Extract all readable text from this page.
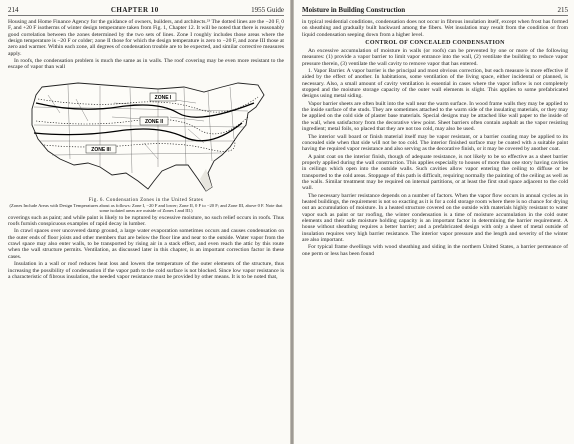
214	CHAPTER 10	1955 Guide

Housing and Home Finance Agency for the guidance of owners, builders, and architects.²³ The dotted lines are the −20 F, 0 F, and +20 F isotherms of winter design temperature taken from Fig. 1, Chapter 12. It will be noted that there is reasonably good correlation between the zones determined by the two sets of lines. Zone I roughly includes those areas where the design temperature is −20 F or colder; zone II those for which the design temperature is zero to −20 F, and zone III those at zero and warmer. Within each zone, all degrees of condensation trouble are to be expected, and similar corrective measures apply.

In roofs, the condensation problem is much the same as in walls. The roof covering may be even more resistant to the escape of vapor than wall

ZONE I
ZONE II
ZONE III
Fig. 6. Condensation Zones in the United States
(Zones Include Areas with Design Temperatures about as follows: Zone I, −20 F and lower; Zone II, 0 F to −20 F; and Zone III, above 0 F. Note that some isolated areas are outside of Zones I and III.)

coverings such as paint; and while paint is likely to be ruptured by excessive moisture, no such relief occurs in roofs. Thus roofs furnish conspicuous examples of rapid decay in lumber.

In crawl spaces over uncovered damp ground, a large water evaporation sometimes occurs and causes condensation on the outer ends of floor joists and other members that are below the floor line and near to the outside. Water vapor from the crawl space may also enter walls, to be transported by rising air in a stack effect, and even reach the attic by this route when the wall structure permits. Ventilation, as discussed later in this chapter, is an important correction factor in these cases.

Insulation in a wall or roof reduces heat loss and lowers the temperature of the outer elements of the structure, thus increasing the possibility of condensation if the vapor path to the cold surface is not blocked. Since low vapor resistance is a characteristic of fibrous insulation, the needed vapor resistance must be provided by other means. It is to be noted that,

Moisture in Building Construction	215

in typical residential conditions, condensation does not occur in fibrous insulation itself, except when frost has formed on sheathing and gradually built backward among the fibers. Wet insulation may result from the condition or from liquid condensation seeping down from a higher level.

CONTROL OF CONCEALED CONDENSATION

An excessive accumulation of moisture in walls (or roofs) can be prevented by one or more of the following measures: (1) provide a vapor barrier to limit vapor entrance into the wall, (2) ventilate the building to reduce vapor pressure therein, (3) ventilate the wall cavity to remove vapor that has entered.

1. Vapor Barrier. A vapor barrier is the principal and most obvious correction, but each measure is more effective if aided by the effect of another. In habitations, some ventilation of the living space, either incidental or planned, is necessary. Also, a small amount of cavity ventilation is essential in cases where the vapor inflow is not completely stopped and the moisture storage capacity of the outer wall elements is slight. This applies to some prefabricated designs using metal siding.

Vapor barrier sheets are often built into the wall near the warm surface. In wood frame walls they may be applied to the inside surface of the studs. They are sometimes attached to the warm side of the insulating materials, or they may be applied on the cold side of plaster base materials. Special designs may be attached like wall paper to the inside of the wall, when satisfactory from the decorative view point. Sheet barriers often contain asphalt as the vapor resisting ingredient; metal foils, so placed that they are not too cold, may also be used.

The interior wall board or finish material itself may be vapor resistant, or a barrier coating may be applied to its concealed side when that side will not be too cold. The interior finished surface may be coated with a suitable paint having the required vapor resistance and also serving as the decorative finish, or it may be covered by another coat.

A paint coat on the interior finish, though of adequate resistance, is not likely to be so effective as a sheet barrier properly applied during the wall construction. This applies especially to houses of more than one story having cavities in ceilings which open into the outside walls. Such cavities allow vapor entering the ceiling to diffuse or be transported to the cold areas. Stoppage of this path is difficult, requiring normally the painting of the ceiling as well as the walls. Similar treatment may be required on internal partitions, or at least the first stud space adjacent to the cold wall.

The necessary barrier resistance depends on a number of factors. When the vapor flow occurs in annual cycles as in heated buildings, the requirement is not so exacting as it is for a cold storage room where there is no chance for drying out an accumulation of moisture. In a heated structure covered on the outside with materials highly resistant to water vapor such as paint or tar roofing, the winter condensation is a time of moisture accumulation in the cold outer elements and their safe moisture holding capacity is an important factor in determining the barrier requirement. A house without sheathing requires a better barrier; and a prefabricated design with only a sheet of metal outside of insulation requires very high barrier resistance. The interior vapor pressure and the length and severity of the winter are also important.

For typical frame dwellings with wood sheathing and siding in the northern United States, a barrier permeance of one perm or less has been found
